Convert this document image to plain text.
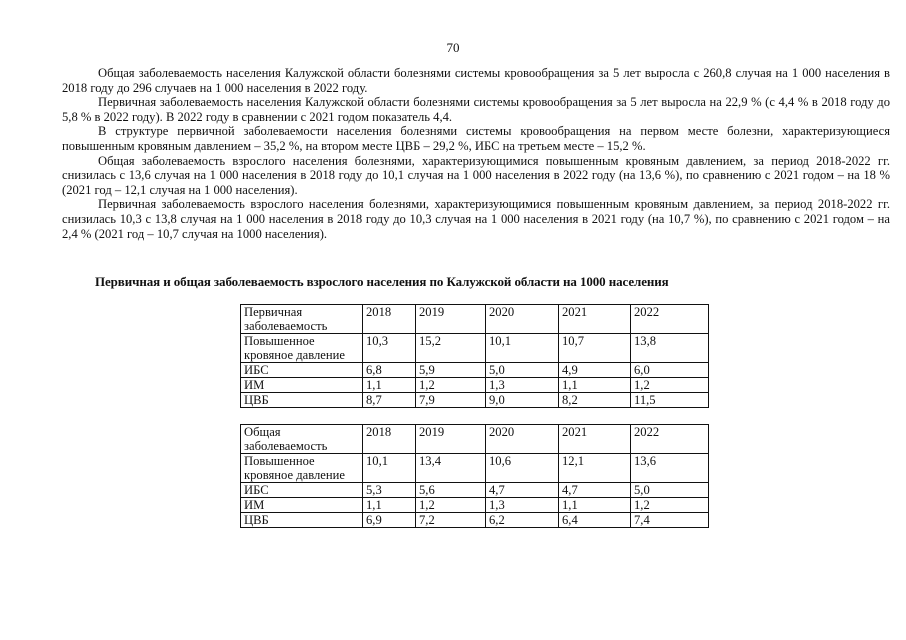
70

Общая заболеваемость населения Калужской области болезнями системы кровообращения за 5 лет выросла с 260,8 случая на 1 000 населения в 2018 году до 296 случаев на 1 000 населения в 2022 году.

Первичная заболеваемость населения Калужской области болезнями системы кровообращения за 5 лет выросла на 22,9 % (с 4,4 % в 2018 году до 5,8 % в 2022 году). В 2022 году в сравнении с 2021 годом показатель 4,4.

В структуре первичной заболеваемости населения болезнями системы кровообращения на первом месте болезни, характеризующиеся повышенным кровяным давлением – 35,2 %, на втором месте ЦВБ – 29,2 %, ИБС на третьем месте – 15,2 %.

Общая заболеваемость взрослого населения болезнями, характеризующимися повышенным кровяным давлением, за период 2018-2022 гг. снизилась с 13,6 случая на 1 000 населения в 2018 году до 10,1 случая на 1 000 населения в 2022 году (на 13,6 %), по сравнению с 2021 годом – на 18 % (2021 год – 12,1 случая на 1 000 населения).

Первичная заболеваемость взрослого населения болезнями, характеризующимися повышенным кровяным давлением, за период 2018-2022 гг. снизилась 10,3 с 13,8 случая на 1 000 населения в 2018 году до 10,3 случая на 1 000 населения в 2021 году (на 10,7 %), по сравнению с 2021 годом – на 2,4 % (2021 год – 10,7 случая на 1000 населения).

Первичная и общая заболеваемость взрослого населения по Калужской области на 1000 населения
Первичная заболеваемость	2018	2019	2020	2021	2022
Повышенное кровяное давление	10,3	15,2	10,1	10,7	13,8
ИБС	6,8	5,9	5,0	4,9	6,0
ИМ	1,1	1,2	1,3	1,1	1,2
ЦВБ	8,7	7,9	9,0	8,2	11,5

Общая заболеваемость	2018	2019	2020	2021	2022
Повышенное кровяное давление	10,1	13,4	10,6	12,1	13,6
ИБС	5,3	5,6	4,7	4,7	5,0
ИМ	1,1	1,2	1,3	1,1	1,2
ЦВБ	6,9	7,2	6,2	6,4	7,4
